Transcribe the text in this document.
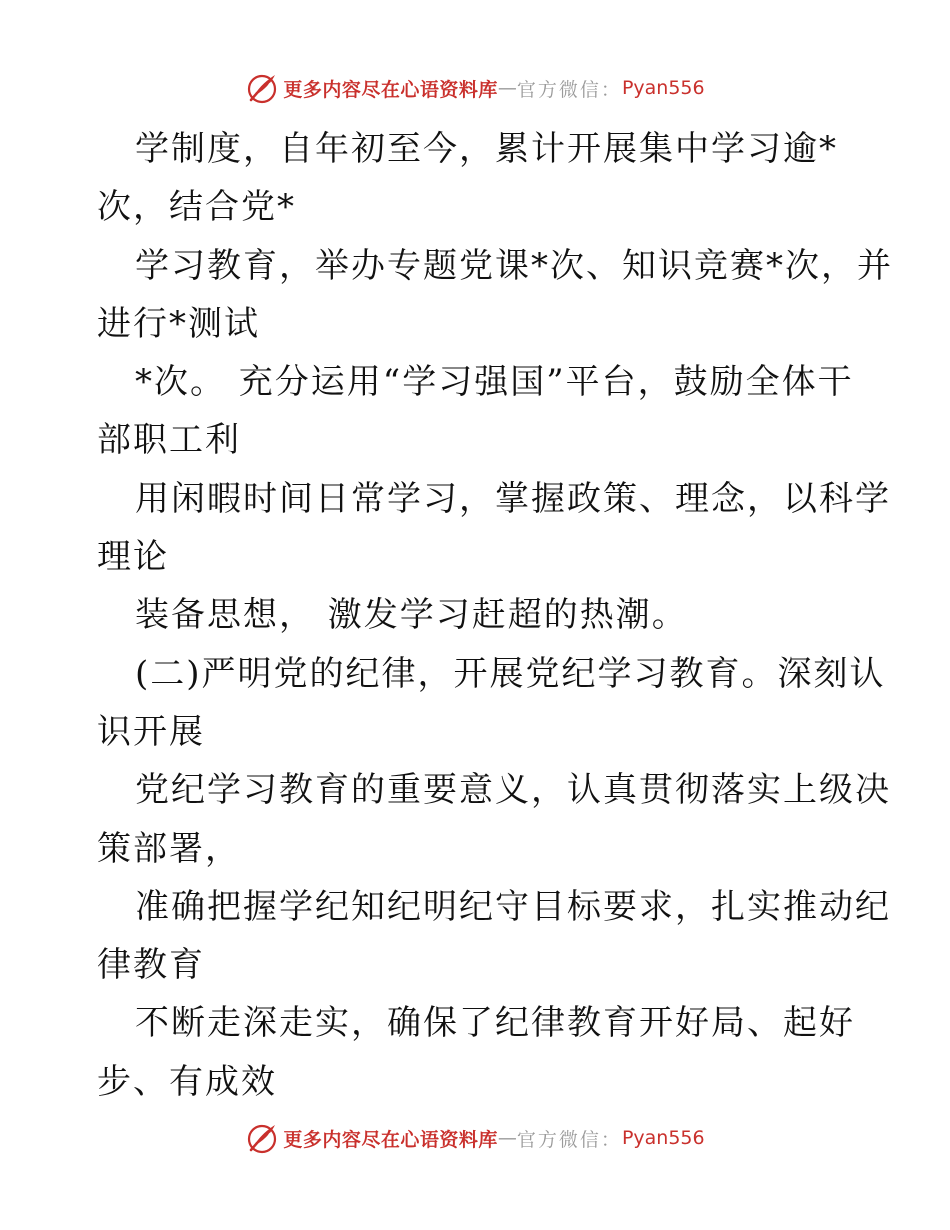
更多内容尽在心语资料库 — 官方微信： Pyan556
学制度，自年初至今，累计开展集中学习逾*
次，结合党*
学习教育，举办专题党课*次、知识竞赛*次，并
进行*测试
*次。 充分运用“学习强国”平台，鼓励全体干
部职工利
用闲暇时间日常学习，掌握政策、理念，以科学
理论
装备思想， 激发学习赶超的热潮。
(二)严明党的纪律，开展党纪学习教育。深刻认
识开展
党纪学习教育的重要意义，认真贯彻落实上级决
策部署，
准确把握学纪知纪明纪守目标要求，扎实推动纪
律教育
不断走深走实，确保了纪律教育开好局、起好
步、有成效
更多内容尽在心语资料库 — 官方微信： Pyan556
